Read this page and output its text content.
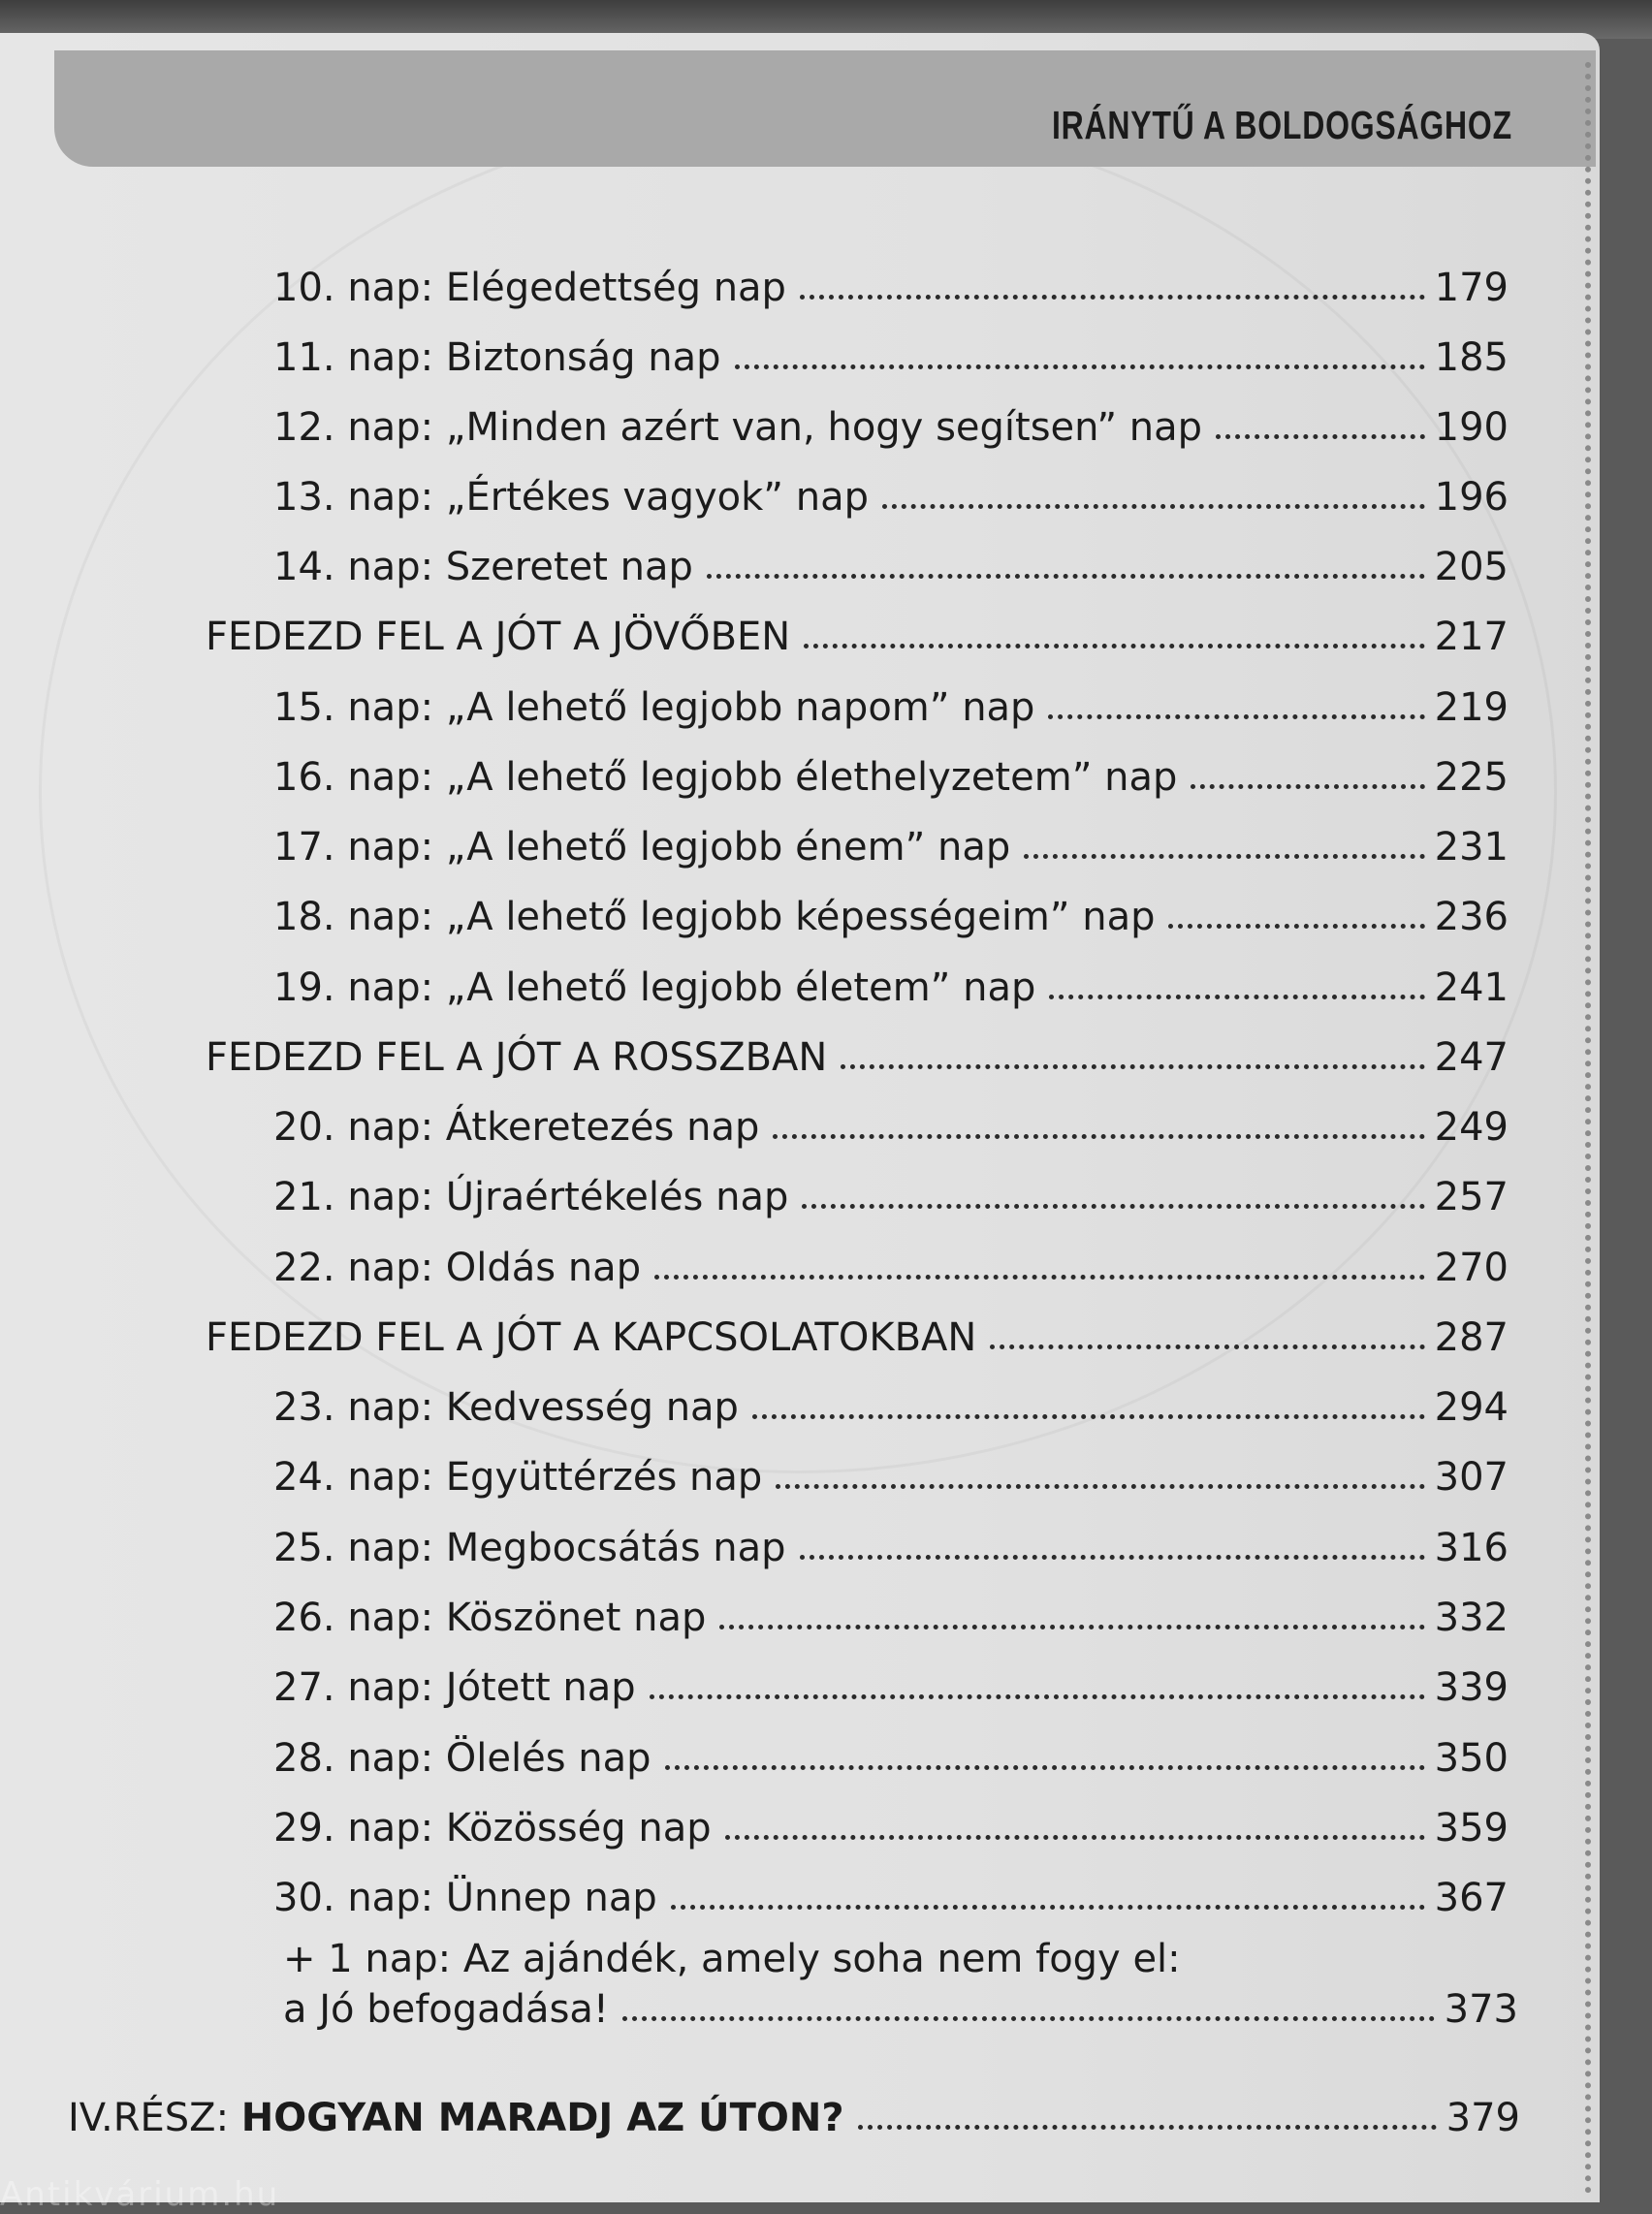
IRÁNYTŰ A BOLDOGSÁGHOZ
10. nap: Elégedettség nap	179
11. nap: Biztonság nap	185
12. nap: „Minden azért van, hogy segítsen” nap	190
13. nap: „Értékes vagyok” nap	196
14. nap: Szeretet nap	205
FEDEZD FEL A JÓT A JÖVŐBEN	217
15. nap: „A lehető legjobb napom” nap	219
16. nap: „A lehető legjobb élethelyzetem” nap	225
17. nap: „A lehető legjobb énem” nap	231
18. nap: „A lehető legjobb képességeim” nap	236
19. nap: „A lehető legjobb életem” nap	241
FEDEZD FEL A JÓT A ROSSZBAN	247
20. nap: Átkeretezés nap	249
21. nap: Újraértékelés nap	257
22. nap: Oldás nap	270
FEDEZD FEL A JÓT A KAPCSOLATOKBAN	287
23. nap: Kedvesség nap	294
24. nap: Együttérzés nap	307
25. nap: Megbocsátás nap	316
26. nap: Köszönet nap	332
27. nap: Jótett nap	339
28. nap: Ölelés nap	350
29. nap: Közösség nap	359
30. nap: Ünnep nap	367
+ 1 nap: Az ajándék, amely soha nem fogy el:
a Jó befogadása!	373
IV.RÉSZ: HOGYAN MARADJ AZ ÚTON?	379
Antikvárium.hu
